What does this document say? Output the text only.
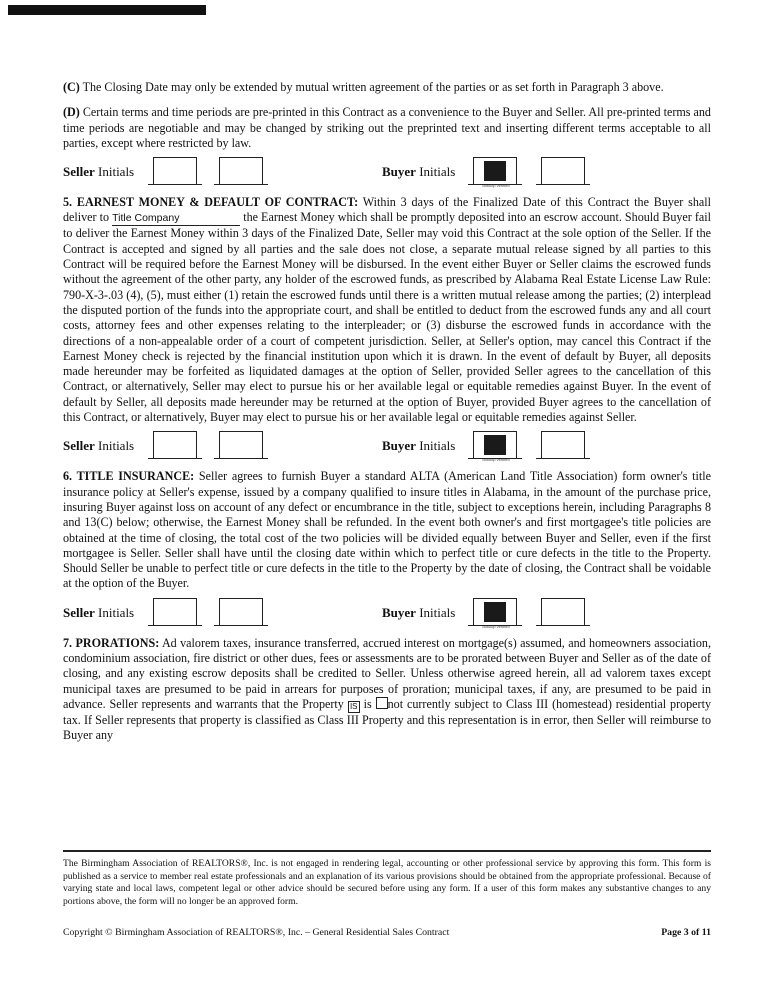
(C) The Closing Date may only be extended by mutual written agreement of the parties or as set forth in Paragraph 3 above.

(D) Certain terms and time periods are pre-printed in this Contract as a convenience to the Buyer and Seller. All pre-printed terms and time periods are negotiable and may be changed by striking out the preprinted text and inserting different terms acceptable to all parties, except where restricted by law.

Seller Initials	Buyer Initials
dotloop verified

5. EARNEST MONEY & DEFAULT OF CONTRACT: Within 3 days of the Finalized Date of this Contract the Buyer shall deliver to Title Company	the Earnest Money which shall be promptly deposited into an escrow account. Should Buyer fail to deliver the Earnest Money within 3 days of the Finalized Date, Seller may void this Contract at the sole option of the Seller. If the Contract is accepted and signed by all parties and the sale does not close, a separate mutual release signed by all parties to this Contract will be required before the Earnest Money will be disbursed. In the event either Buyer or Seller claims the escrowed funds without the agreement of the other party, any holder of the escrowed funds, as prescribed by Alabama Real Estate License Law Rule: 790-X-3-.03 (4), (5), must either (1) retain the escrowed funds until there is a written mutual release among the parties; (2) interplead the disputed portion of the funds into the appropriate court, and shall be entitled to deduct from the escrowed funds any and all court costs, attorney fees and other expenses relating to the interpleader; or (3) disburse the escrowed funds in accordance with the directions of a non-appealable order of a court of competent jurisdiction. Seller, at Seller's option, may cancel this Contract if the Earnest Money check is rejected by the financial institution upon which it is drawn. In the event of default by Buyer, all deposits made hereunder may be forfeited as liquidated damages at the option of Seller, provided Seller agrees to the cancellation of this Contract, or alternatively, Seller may elect to pursue his or her available legal or equitable remedies against Buyer. In the event of default by Seller, all deposits made hereunder may be returned at the option of Buyer, provided Buyer agrees to the cancellation of this Contract, or alternatively, Buyer may elect to pursue his or her available legal or equitable remedies against Seller.

Seller Initials	Buyer Initials
dotloop verified

6. TITLE INSURANCE: Seller agrees to furnish Buyer a standard ALTA (American Land Title Association) form owner's title insurance policy at Seller's expense, issued by a company qualified to insure titles in Alabama, in the amount of the purchase price, insuring Buyer against loss on account of any defect or encumbrance in the title, subject to exceptions herein, including Paragraphs 8 and 13(C) below; otherwise, the Earnest Money shall be refunded. In the event both owner's and first mortgagee's title policies are obtained at the time of closing, the total cost of the two policies will be divided equally between Buyer and Seller, even if the first mortgagee is Seller. Seller shall have until the closing date within which to perfect title or cure defects in the title to the Property. Should Seller be unable to perfect title or cure defects in the title to the Property by the date of closing, the Contract shall be voidable at the option of the Buyer.

Seller Initials	Buyer Initials
dotloop verified

7. PRORATIONS: Ad valorem taxes, insurance transferred, accrued interest on mortgage(s) assumed, and homeowners association, condominium association, fire district or other dues, fees or assessments are to be prorated between Buyer and Seller as of the date of closing, and any existing escrow deposits shall be credited to Seller. Unless otherwise agreed herein, all ad valorem taxes except municipal taxes are presumed to be paid in arrears for purposes of proration; municipal taxes, if any, are presumed to be paid in advance. Seller represents and warrants that the Property IS is not currently subject to Class III (homestead) residential property tax. If Seller represents that property is classified as Class III Property and this representation is in error, then Seller will reimburse to Buyer any

The Birmingham Association of REALTORS®, Inc. is not engaged in rendering legal, accounting or other professional service by approving this form. This form is published as a service to member real estate professionals and an explanation of its various provisions should be obtained from the appropriate professional. Because of varying state and local laws, competent legal or other advice should be secured before using any form. If a user of this form makes any substantive changes to any portions above, the form will no longer be an approved form.
Copyright © Birmingham Association of REALTORS®, Inc. – General Residential Sales Contract	Page 3 of 11
